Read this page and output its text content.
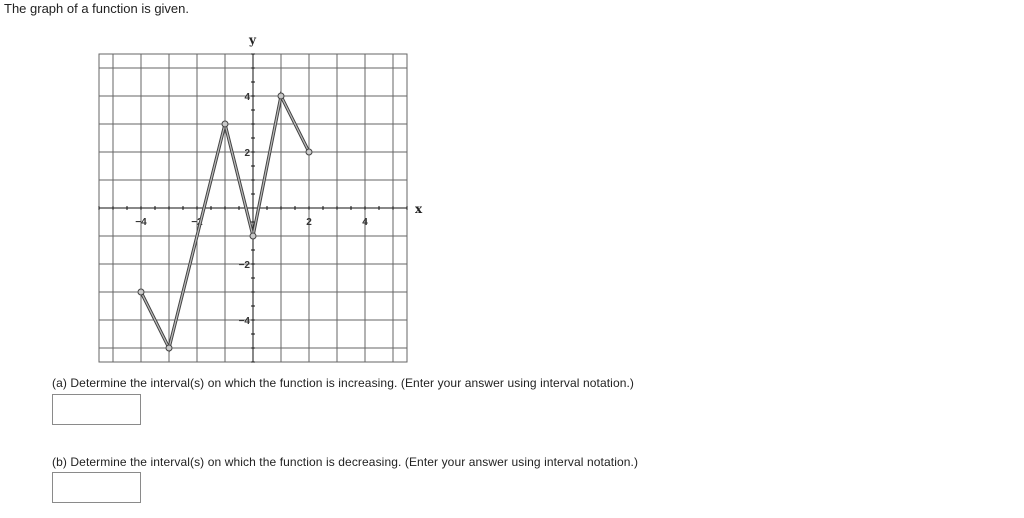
The graph of a function is given.
x
y
−4	−2	2	4
4
2
−2
−4
(a) Determine the interval(s) on which the function is increasing. (Enter your answer using interval notation.)
(b) Determine the interval(s) on which the function is decreasing. (Enter your answer using interval notation.)
